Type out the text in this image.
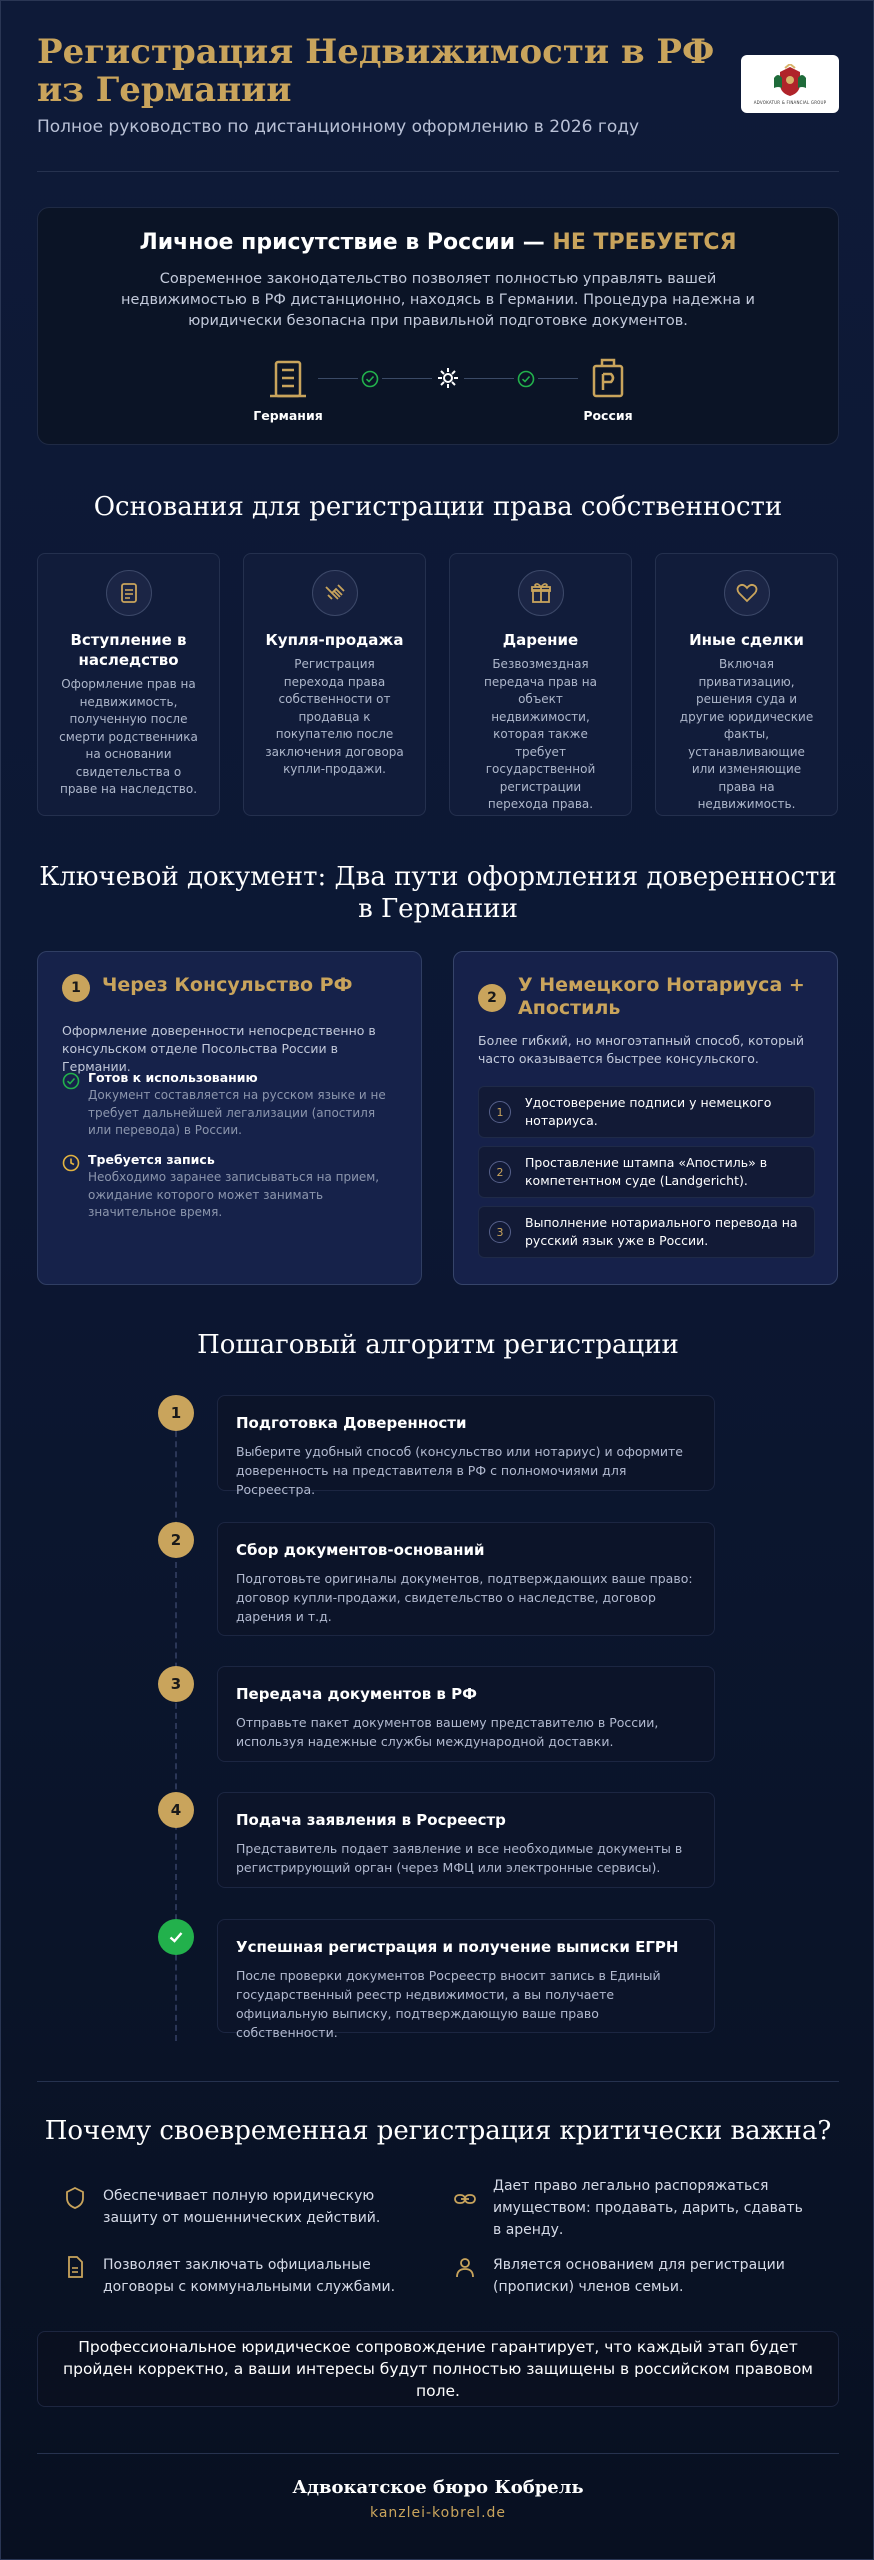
Регистрация Недвижимости в РФ из Германии
Полное руководство по дистанционному оформлению в 2026 году
ADVOKATUR & FINANCIAL GROUP
Личное присутствие в России — НЕ ТРЕБУЕТСЯ

Современное законодательство позволяет полностью управлять вашей недвижимостью в РФ дистанционно, находясь в Германии. Процедура надежна и юридически безопасна при правильной подготовке документов.

Германия	Россия
Основания для регистрации права собственности
Вступление в наследство

Оформление прав на недвижимость, полученную после смерти родственника на основании свидетельства о праве на наследство.

Купля-продажа

Регистрация перехода права собственности от продавца к покупателю после заключения договора купли-продажи.

Дарение

Безвозмездная передача прав на объект недвижимости, которая также требует государственной регистрации перехода права.

Иные сделки

Включая приватизацию, решения суда и другие юридические факты, устанавливающие или изменяющие права на недвижимость.

Ключевой документ: Два пути оформления доверенности в Германии
1	Через Консульство РФ
Оформление доверенности непосредственно в консульском отделе Посольства России в Германии.
Готов к использованию
Документ составляется на русском языке и не требует дальнейшей легализации (апостиля или перевода) в России.
Требуется запись
Необходимо заранее записываться на прием, ожидание которого может занимать значительное время.
2
У Немецкого Нотариуса + Апостиль
Более гибкий, но многоэтапный способ, который часто оказывается быстрее консульского.
1
Удостоверение подписи у немецкого нотариуса.
2
Проставление штампа «Апостиль» в компетентном суде (Landgericht).
3
Выполнение нотариального перевода на русский язык уже в России.
Пошаговый алгоритм регистрации
1
Подготовка Доверенности

Выберите удобный способ (консульство или нотариус) и оформите доверенность на представителя в РФ с полномочиями для Росреестра.

2
Сбор документов-оснований

Подготовьте оригиналы документов, подтверждающих ваше право: договор купли-продажи, свидетельство о наследстве, договор дарения и т.д.

3
Передача документов в РФ

Отправьте пакет документов вашему представителю в России, используя надежные службы международной доставки.

4
Подача заявления в Росреестр

Представитель подает заявление и все необходимые документы в регистрирующий орган (через МФЦ или электронные сервисы).

Успешная регистрация и получение выписки ЕГРН

После проверки документов Росреестр вносит запись в Единый государственный реестр недвижимости, а вы получаете официальную выписку, подтверждающую ваше право собственности.

Почему своевременная регистрация критически важна?
Обеспечивает полную юридическую защиту от мошеннических действий.
Дает право легально распоряжаться имуществом: продавать, дарить, сдавать в аренду.
Позволяет заключать официальные договоры с коммунальными службами.
Является основанием для регистрации (прописки) членов семьи.

Профессиональное юридическое сопровождение гарантирует, что каждый этап будет пройден корректно, а ваши интересы будут полностью защищены в российском правовом поле.

Адвокатское бюро Кобрель
kanzlei-kobrel.de
